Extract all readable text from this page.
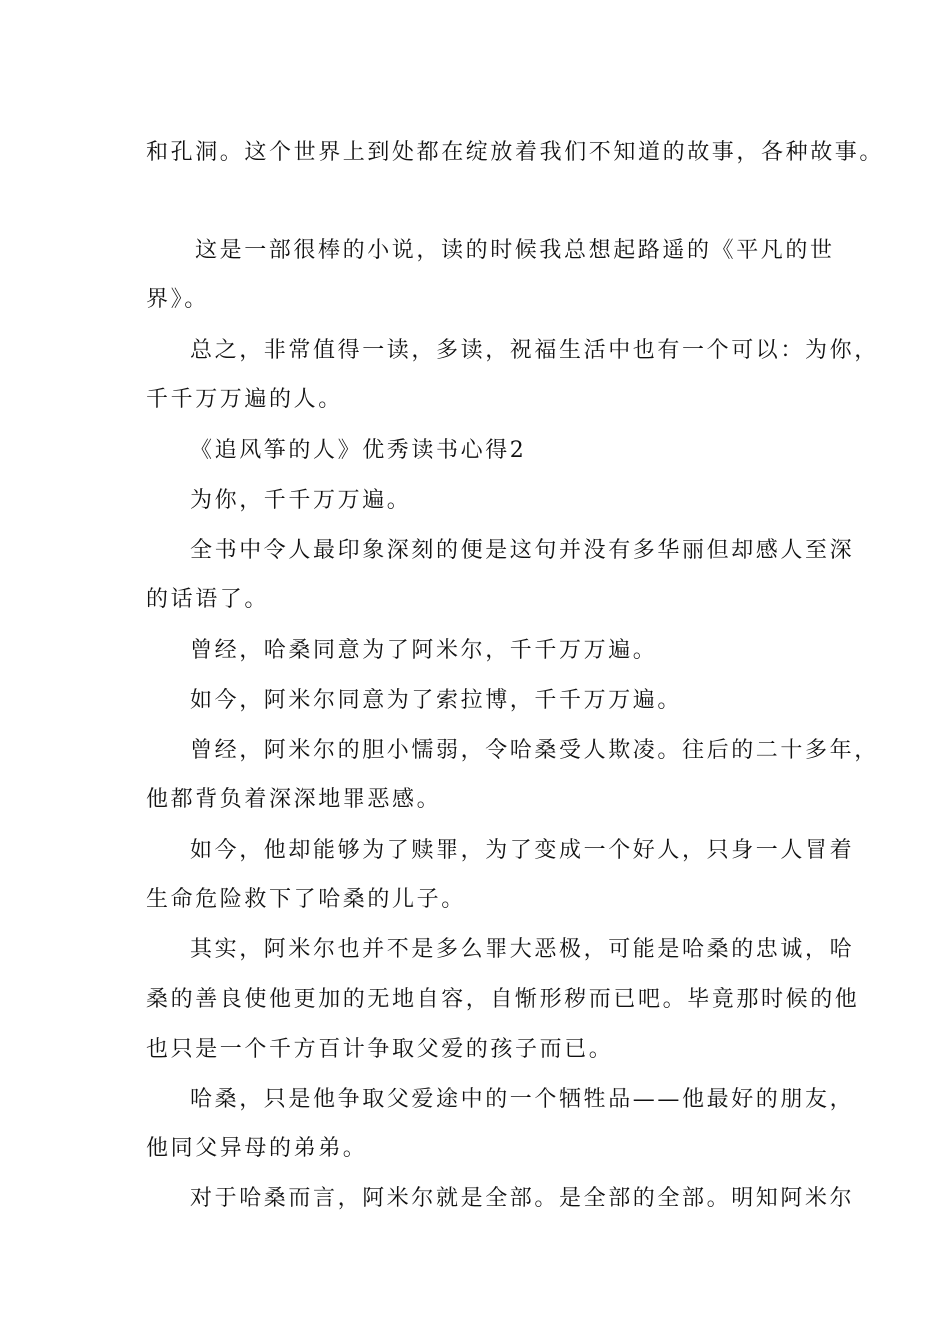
和孔洞。这个世界上到处都在绽放着我们不知道的故事，各种故事。
这是一部很棒的小说，读的时候我总想起路遥的《平凡的世
界》。
总之，非常值得一读，多读，祝福生活中也有一个可以：为你，
千千万万遍的人。
《追风筝的人》优秀读书心得2
为你，千千万万遍。
全书中令人最印象深刻的便是这句并没有多华丽但却感人至深
的话语了。
曾经，哈桑同意为了阿米尔，千千万万遍。
如今，阿米尔同意为了索拉博，千千万万遍。
曾经，阿米尔的胆小懦弱，令哈桑受人欺凌。往后的二十多年，
他都背负着深深地罪恶感。
如今，他却能够为了赎罪，为了变成一个好人，只身一人冒着
生命危险救下了哈桑的儿子。
其实，阿米尔也并不是多么罪大恶极，可能是哈桑的忠诚，哈
桑的善良使他更加的无地自容，自惭形秽而已吧。毕竟那时候的他
也只是一个千方百计争取父爱的孩子而已。
哈桑，只是他争取父爱途中的一个牺牲品——他最好的朋友，
他同父异母的弟弟。
对于哈桑而言，阿米尔就是全部。是全部的全部。明知阿米尔
